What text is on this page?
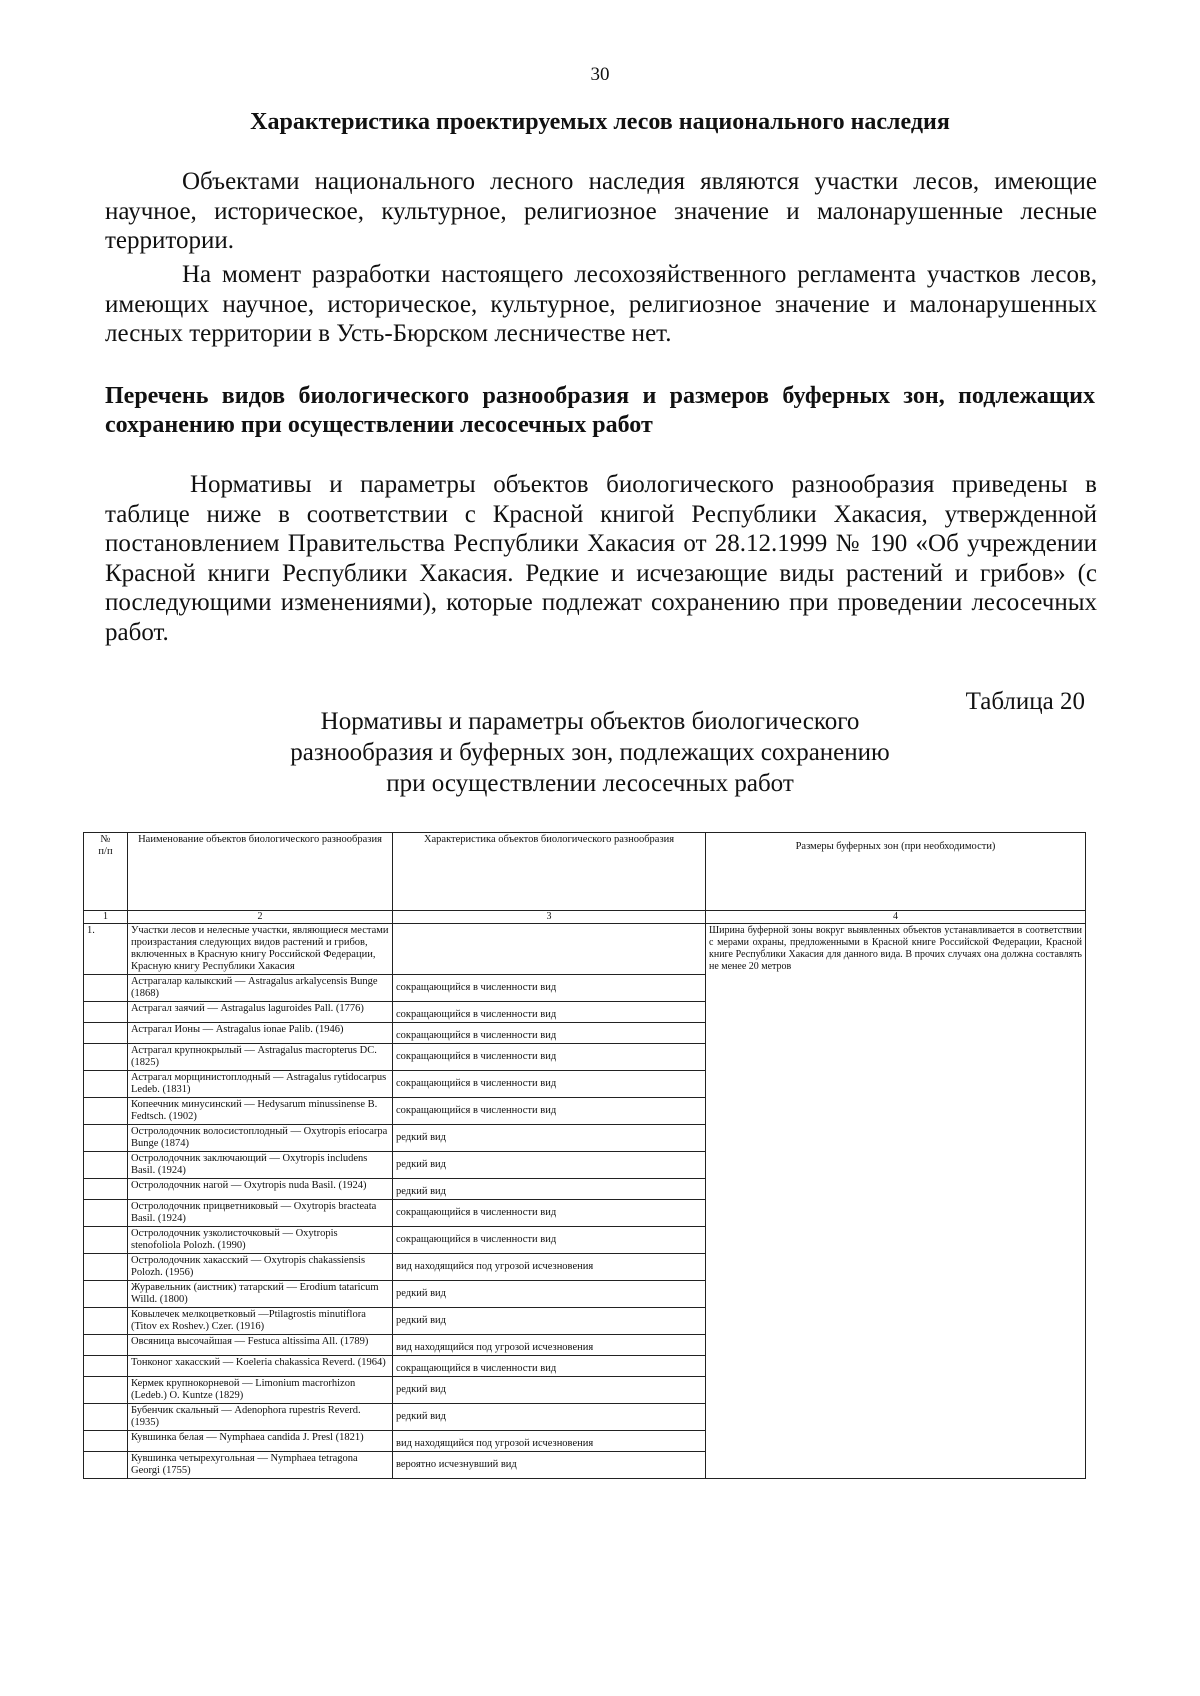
30
Характеристика проектируемых лесов национального наследия

Объектами национального лесного наследия являются участки лесов, имеющие научное, историческое, культурное, религиозное значение и малонарушенные лесные территории.

На момент разработки настоящего лесохозяйственного регламента участков лесов, имеющих научное, историческое, культурное, религиозное значение и малонарушенных лесных территории в Усть-Бюрском лесничестве нет.

Перечень видов биологического разнообразия и размеров буферных зон, подлежащих сохранению при осуществлении лесосечных работ

Нормативы и параметры объектов биологического разнообразия приведены в таблице ниже в соответствии с Красной книгой Республики Хакасия, утвержденной постановлением Правительства Республики Хакасия от 28.12.1999 № 190 «Об учреждении Красной книги Республики Хакасия. Редкие и исчезающие виды растений и грибов» (с последующими изменениями), которые подлежат сохранению при проведении лесосечных работ.

Таблица 20
Нормативы и параметры объектов биологического
разнообразия и буферных зон, подлежащих сохранению
при осуществлении лесосечных работ
№
п/п	Наименование объектов биологического разнообразия	Характеристика объектов биологического разнообразия	Размеры буферных зон (при необходимости)
1	2	3	4
1.	Участки лесов и нелесные участки, являющиеся местами произрастания следующих видов растений и грибов, включенных в Красную книгу Российской Федерации, Красную книгу Республики Хакасия		Ширина буферной зоны вокруг выявленных объектов устанавливается в соответствии с мерами охраны, предложенными в Красной книге Российской Федерации, Красной книге Республики Хакасия для данного вида. В прочих случаях она должна составлять не менее 20 метров
	Астрагалар калыкский — Astragalus arkalycensis Bunge (1868)	сокращающийся в численности вид	
	Астрагал заячий — Astragalus laguroides Pall. (1776)	сокращающийся в численности вид	
	Астрагал Ионы — Astragalus ionae Palib. (1946)	сокращающийся в численности вид	
	Астрагал крупнокрылый — Astragalus macropterus DC. (1825)	сокращающийся в численности вид	
	Астрагал морщинистоплодный — Astragalus rytidocarpus Ledeb. (1831)	сокращающийся в численности вид	
	Копеечник минусинский — Hedysarum minussinense B. Fedtsch. (1902)	сокращающийся в численности вид	
	Остролодочник волосистоплодный — Oxytropis eriocarpa Bunge (1874)	редкий вид	
	Остролодочник заключающий — Oxytropis includens Basil. (1924)	редкий вид	
	Остролодочник нагой — Oxytropis nuda Basil. (1924)	редкий вид	
	Остролодочник прицветниковый — Oxytropis bracteata Basil. (1924)	сокращающийся в численности вид	
	Остролодочник узколисточковый — Oxytropis stenofoliola Polozh. (1990)	сокращающийся в численности вид	
	Остролодочник хакасский — Oxytropis chakassiensis Polozh. (1956)	вид находящийся под угрозой исчезновения	
	Журавельник (аистник) татарский — Erodium tataricum Willd. (1800)	редкий вид	
	Ковылечек мелкоцветковый —Ptilagrostis minutiflora (Titov ex Roshev.) Czer. (1916)	редкий вид	
	Овсяница высочайшая — Festuca altissima All. (1789)	вид находящийся под угрозой исчезновения	
	Тонконог хакасский — Koeleria chakassica Reverd. (1964)	сокращающийся в численности вид	
	Кермек крупнокорневой — Limonium macrorhizon (Ledeb.) O. Kuntze (1829)	редкий вид	
	Бубенчик скальный — Adenophora rupestris Reverd. (1935)	редкий вид	
	Кувшинка белая — Nymphaea candida J. Presl (1821)	вид находящийся под угрозой исчезновения	
	Кувшинка четырехугольная — Nymphaea tetragona Georgi (1755)	вероятно исчезнувший вид	
